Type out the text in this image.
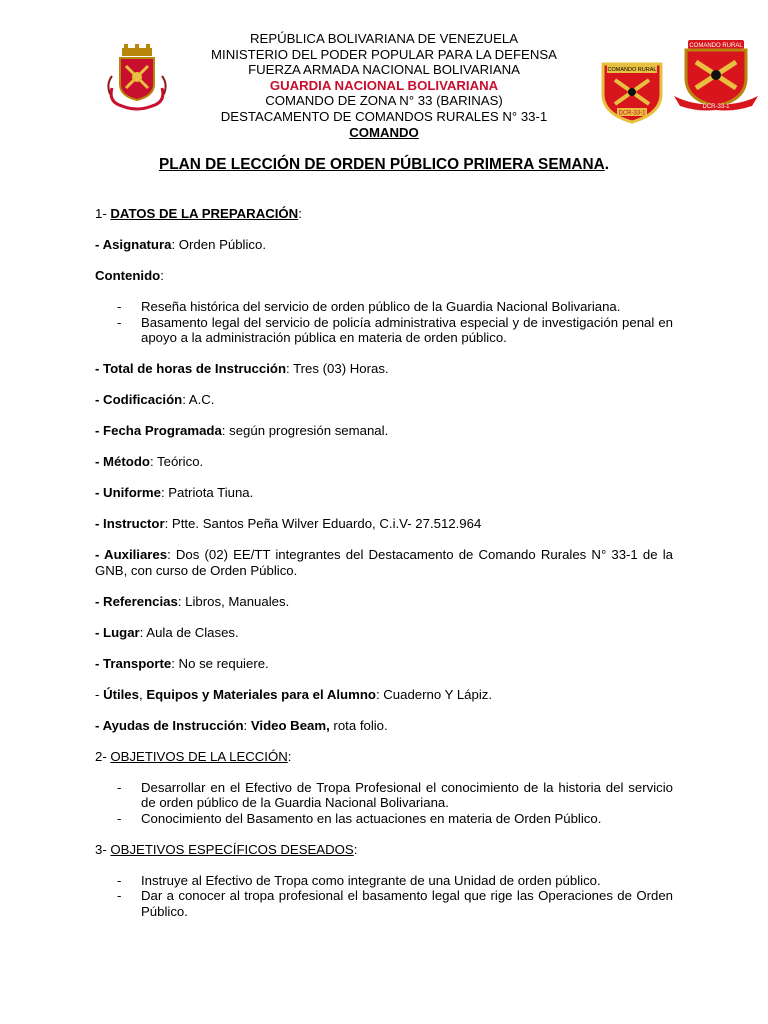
REPÚBLICA BOLIVARIANA DE VENEZUELA
MINISTERIO DEL PODER POPULAR PARA LA DEFENSA
FUERZA ARMADA NACIONAL BOLIVARIANA
GUARDIA NACIONAL BOLIVARIANA
COMANDO DE ZONA N° 33 (BARINAS)
DESTACAMENTO DE COMANDOS RURALES N° 33-1
COMANDO
COMANDO RURAL
DCR-33-1
COMANDO RURAL
DCR-33-1
PLAN DE LECCIÓN DE ORDEN PÚBLICO PRIMERA SEMANA.

1- DATOS DE LA PREPARACIÓN:

- Asignatura: Orden Público.

Contenido:

- Reseña histórica del servicio de orden público de la Guardia Nacional Bolivariana.
- Basamento legal del servicio de policía administrativa especial y de investigación penal en apoyo a la administración pública en materia de orden público.

- Total de horas de Instrucción: Tres (03) Horas.

- Codificación: A.C.

- Fecha Programada: según progresión semanal.

- Método: Teórico.

- Uniforme: Patriota Tiuna.

- Instructor: Ptte. Santos Peña Wilver Eduardo, C.i.V- 27.512.964

- Auxiliares: Dos (02) EE/TT integrantes del Destacamento de Comando Rurales N° 33-1 de la GNB, con curso de Orden Público.

- Referencias: Libros, Manuales.

- Lugar: Aula de Clases.

- Transporte: No se requiere.

- Útiles, Equipos y Materiales para el Alumno: Cuaderno Y Lápiz.

- Ayudas de Instrucción: Video Beam, rota folio.

2- OBJETIVOS DE LA LECCIÓN:

- Desarrollar en el Efectivo de Tropa Profesional el conocimiento de la historia del servicio de orden público de la Guardia Nacional Bolivariana.
- Conocimiento del Basamento en las actuaciones en materia de Orden Público.

3- OBJETIVOS ESPECÍFICOS DESEADOS:

- Instruye al Efectivo de Tropa como integrante de una Unidad de orden público.
- Dar a conocer al tropa profesional el basamento legal que rige las Operaciones de Orden Público.
